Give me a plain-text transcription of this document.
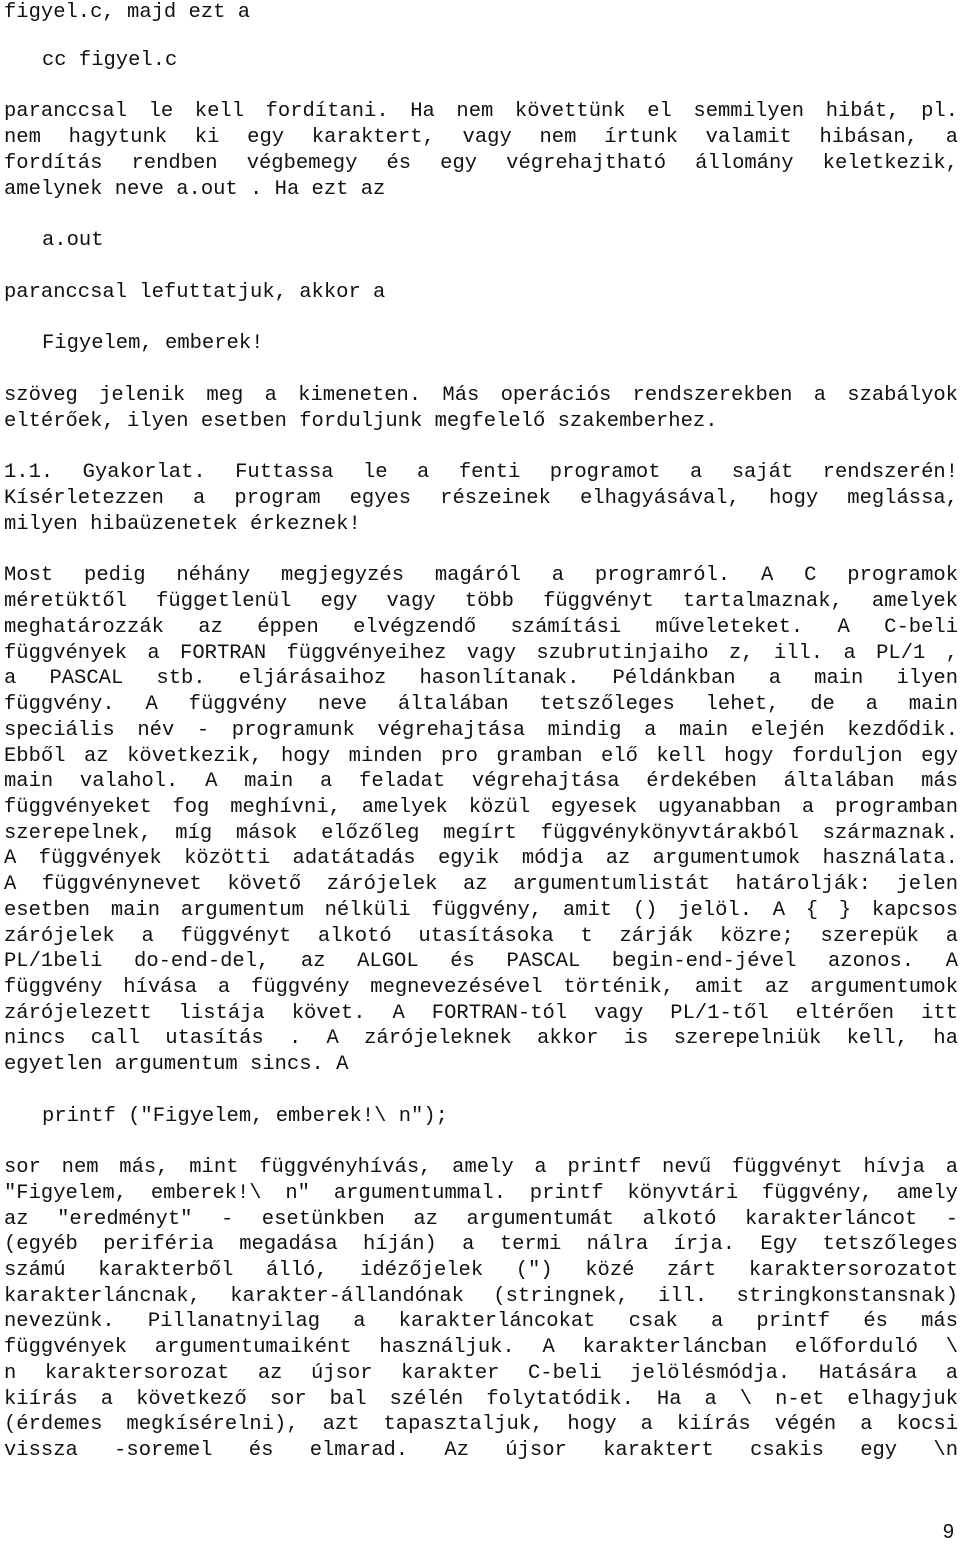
figyel.c, majd ezt a
cc figyel.c
paranccsal le kell fordítani. Ha nem követtünk el semmilyen hibát, pl.
nem hagytunk ki egy karaktert, vagy nem írtunk valamit hibásan, a
fordítás rendben végbemegy és egy végrehajtható állomány keletkezik,
amelynek neve a.out . Ha ezt az
a.out
paranccsal lefuttatjuk, akkor a
Figyelem, emberek!
szöveg jelenik meg a kimeneten. Más operációs rendszerekben a szabályok
eltérőek, ilyen esetben forduljunk megfelelő szakemberhez.
1.1. Gyakorlat. Futtassa le a fenti programot a saját rendszerén!
Kísérletezzen a program egyes részeinek elhagyásával, hogy meglássa,
milyen hibaüzenetek érkeznek!
Most pedig néhány megjegyzés magáról a programról. A C programok
méretüktől függetlenül egy vagy több függvényt tartalmaznak, amelyek
meghatározzák az éppen elvégzendő számítási műveleteket. A C-beli
függvények a FORTRAN függvényeihez vagy szubrutinjaiho z, ill. a PL/1 ,
a PASCAL stb. eljárásaihoz hasonlítanak. Példánkban a main ilyen
függvény. A függvény neve általában tetszőleges lehet, de a main
speciális név - programunk végrehajtása mindig a main elején kezdődik.
Ebből az következik, hogy minden pro gramban elő kell hogy forduljon egy
main valahol. A main a feladat végrehajtása érdekében általában más
függvényeket fog meghívni, amelyek közül egyesek ugyanabban a programban
szerepelnek, míg mások előzőleg megírt függvénykönyvtárakból származnak.
A függvények közötti adatátadás egyik módja az argumentumok használata.
A függvénynevet követő zárójelek az argumentumlistát határolják: jelen
esetben main argumentum nélküli függvény, amit () jelöl. A { } kapcsos
zárójelek a függvényt alkotó utasításoka t zárják közre; szerepük a
PL/1beli do-end-del, az ALGOL és PASCAL begin-end-jével azonos. A
függvény hívása a függvény megnevezésével történik, amit az argumentumok
zárójelezett listája követ. A FORTRAN-tól vagy PL/1-től eltérően itt
nincs call utasítás . A zárójeleknek akkor is szerepelniük kell, ha
egyetlen argumentum sincs. A
printf ("Figyelem, emberek!\ n");
sor nem más, mint függvényhívás, amely a printf nevű függvényt hívja a
"Figyelem, emberek!\ n" argumentummal. printf könyvtári függvény, amely
az "eredményt" - esetünkben az argumentumát alkotó karakterláncot -
(egyéb periféria megadása híján) a termi nálra írja. Egy tetszőleges
számú karakterből álló, idézőjelek (") közé zárt karaktersorozatot
karakterláncnak, karakter-állandónak (stringnek, ill. stringkonstansnak)
nevezünk. Pillanatnyilag a karakterláncokat csak a printf és más
függvények argumentumaiként használjuk. A karakterláncban előforduló \
n karaktersorozat az újsor karakter C-beli jelölésmódja. Hatására a
kiírás a következő sor bal szélén folytatódik. Ha a \ n-et elhagyjuk
(érdemes megkísérelni), azt tapasztaljuk, hogy a kiírás végén a kocsi
vissza -soremel és elmarad. Az újsor karaktert csakis egy \n
9
